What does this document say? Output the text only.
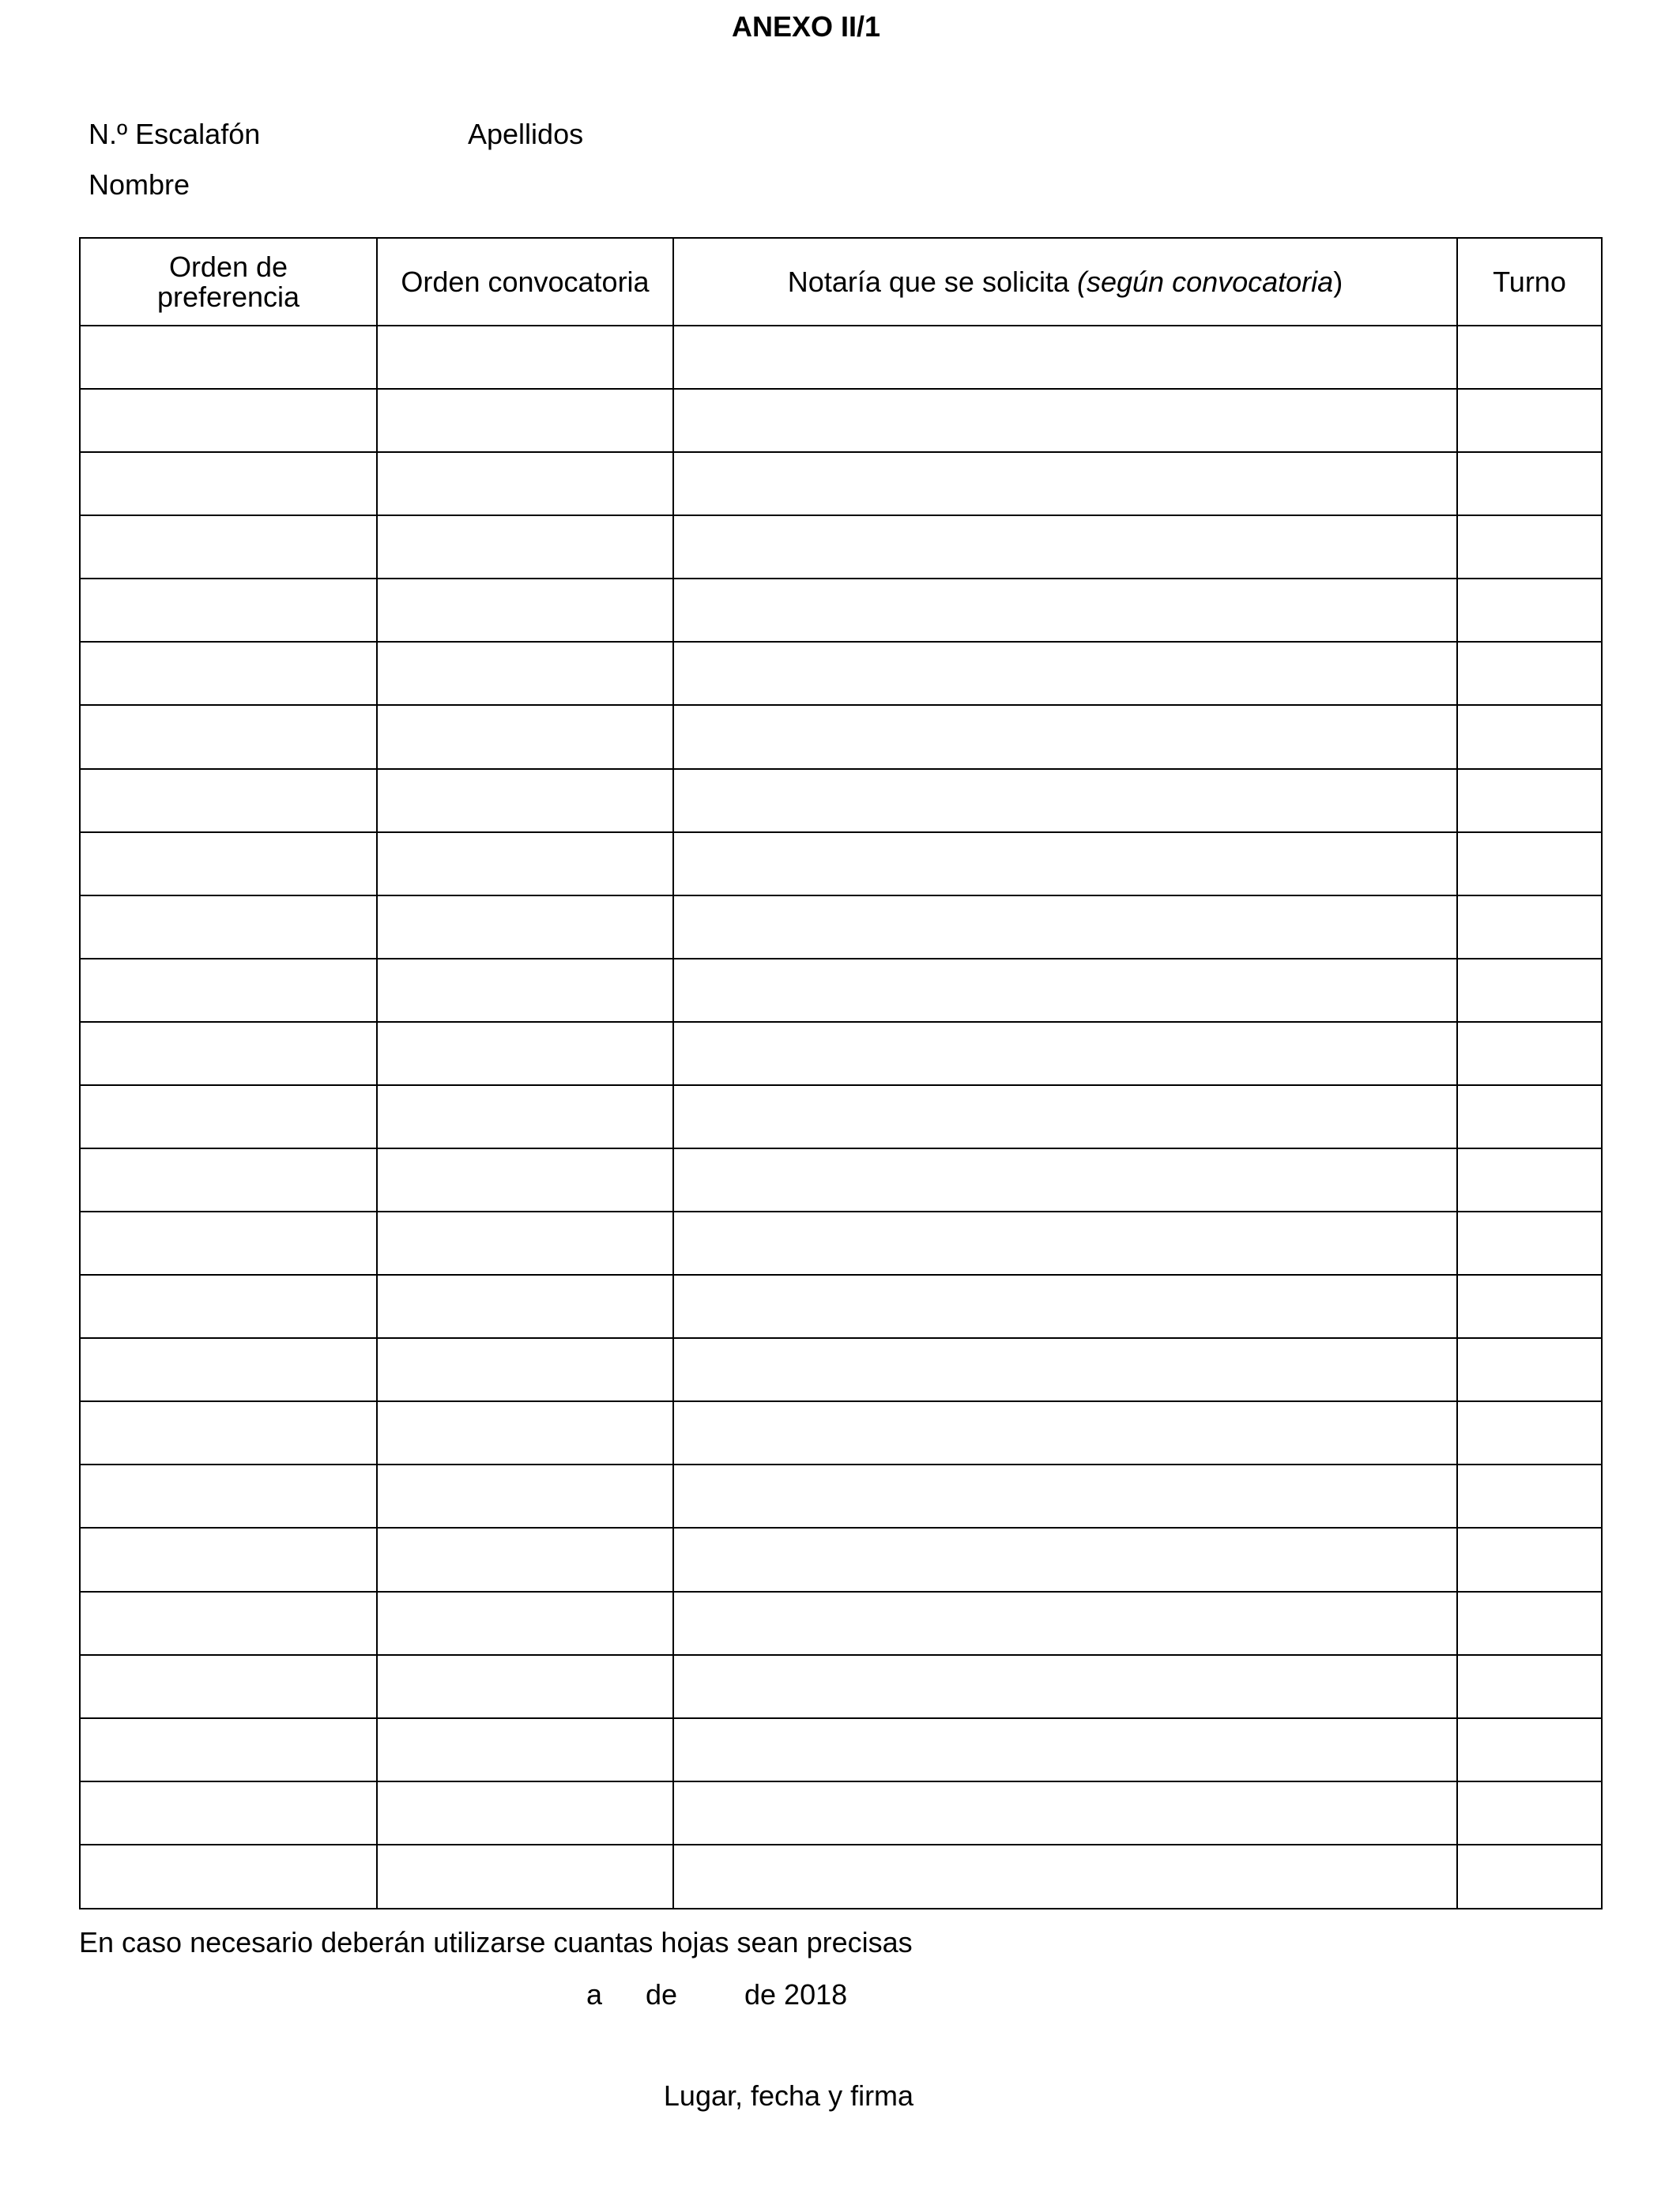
ANEXO II/1
N.º Escalafón	Apellidos
Nombre
Orden de
preferencia	Orden convocatoria	Notaría que se solicita (según convocatoria)	Turno

En caso necesario deberán utilizarse cuantas hojas sean precisas
a de de 2018
Lugar, fecha y firma
